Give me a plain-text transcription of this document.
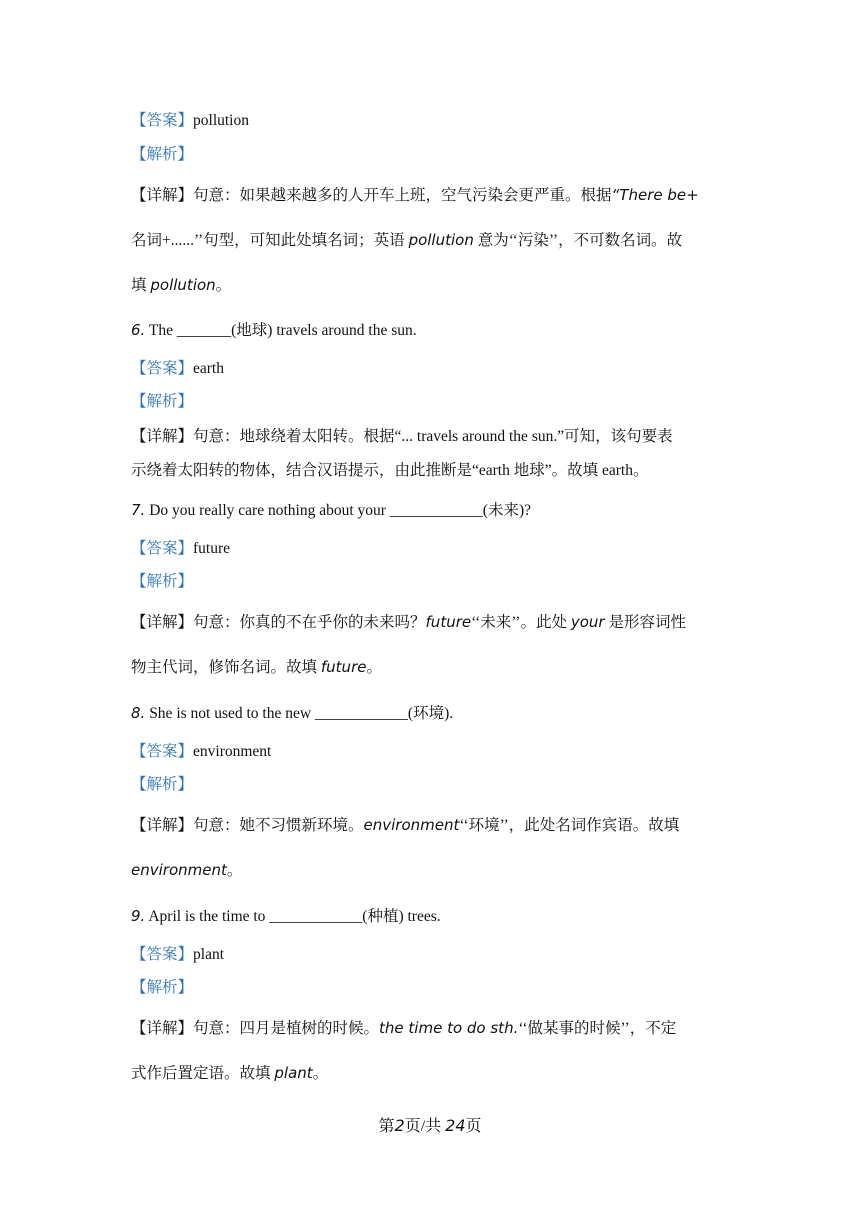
【答案】pollution
【解析】
【详解】句意：如果越来越多的人开车上班，空气污染会更严重。根据“There be+
名词+......’’句型，可知此处填名词；英语 pollution 意为‘‘污染’’，不可数名词。故
填 pollution。
6. The _______(地球) travels around the sun.
【答案】earth
【解析】
【详解】句意：地球绕着太阳转。根据“... travels around the sun.”可知，该句要表
示绕着太阳转的物体，结合汉语提示，由此推断是“earth 地球”。故填 earth。
7. Do you really care nothing about your ____________(未来)?
【答案】future
【解析】
【详解】句意：你真的不在乎你的未来吗？future‘‘未来’’。此处 your 是形容词性
物主代词，修饰名词。故填 future。
8. She is not used to the new ____________(环境).
【答案】environment
【解析】
【详解】句意：她不习惯新环境。environment‘‘环境’’，此处名词作宾语。故填
environment。
9. April is the time to ____________(种植) trees.
【答案】plant
【解析】
【详解】句意：四月是植树的时候。the time to do sth.‘‘做某事的时候’’，不定
式作后置定语。故填 plant。
第2页/共 24页
